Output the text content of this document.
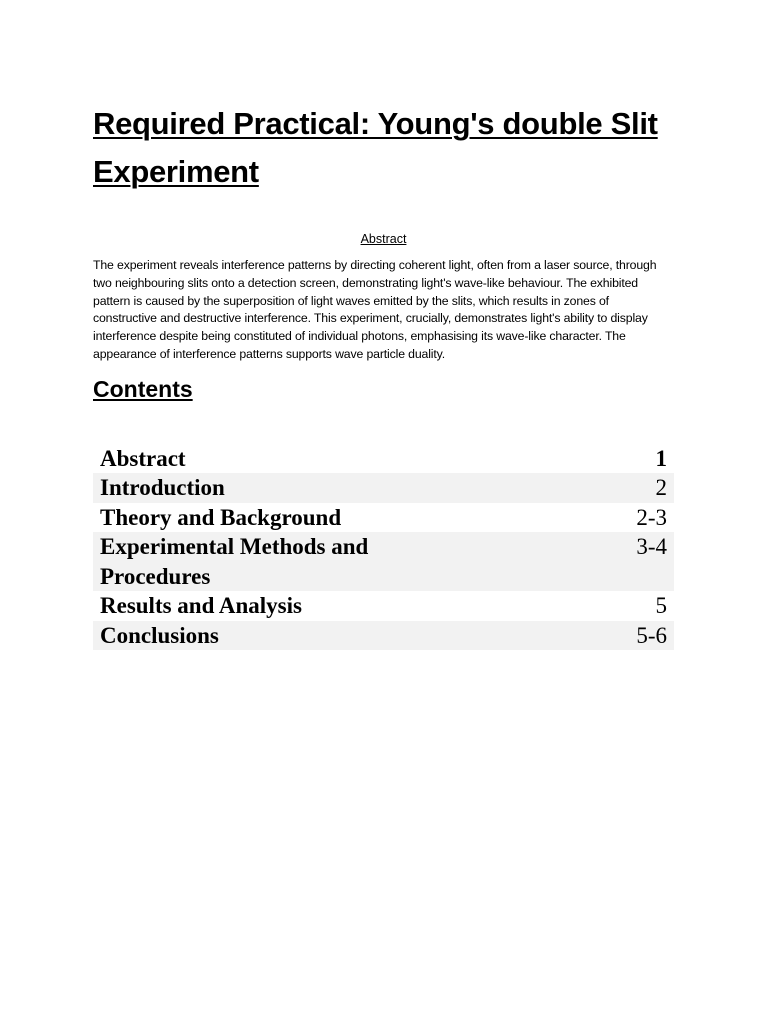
Required Practical: Young's double Slit Experiment
Abstract

The experiment reveals interference patterns by directing coherent light, often from a laser source, through two neighbouring slits onto a detection screen, demonstrating light's wave-like behaviour. The exhibited pattern is caused by the superposition of light waves emitted by the slits, which results in zones of constructive and destructive interference. This experiment, crucially, demonstrates light's ability to display interference despite being constituted of individual photons, emphasising its wave-like character. The appearance of interference patterns supports wave particle duality.

Contents
Abstract	1
Introduction	2
Theory and Background	2-3
Experimental Methods and Procedures	3-4
Results and Analysis	5
Conclusions	5-6
